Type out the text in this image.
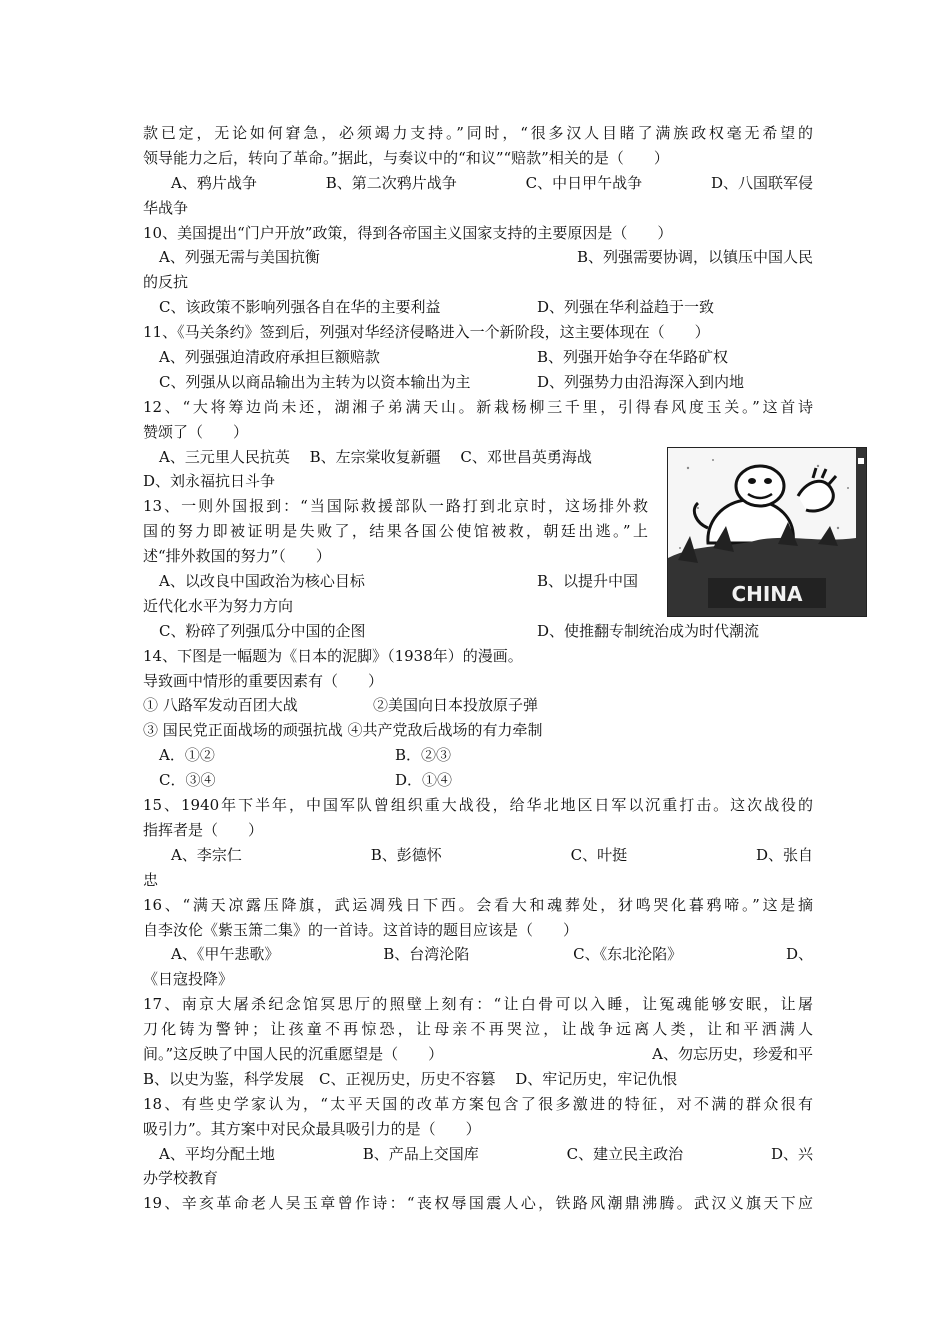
款已定，无论如何窘急，必须竭力支持。”同时，“很多汉人目睹了满族政权毫无希望的
领导能力之后，转向了革命。”据此，与奏议中的“和议”“赔款”相关的是（　　）
A、鸦片战争	B、第二次鸦片战争	C、中日甲午战争	D、八国联军侵
华战争
10、美国提出“门户开放”政策，得到各帝国主义国家支持的主要原因是（　　）
A、列强无需与美国抗衡	B、列强需要协调，以镇压中国人民
的反抗
C、该政策不影响列强各自在华的主要利益	D、列强在华利益趋于一致
11、《马关条约》签到后，列强对华经济侵略进入一个新阶段，这主要体现在（　　）
A、列强强迫清政府承担巨额赔款	B、列强开始争夺在华路矿权
C、列强从以商品输出为主转为以资本输出为主	D、列强势力由沿海深入到内地
12、“大将筹边尚未还，湖湘子弟满天山。新栽杨柳三千里，引得春风度玉关。”这首诗
赞颂了（　　）
A、三元里人民抗英　 B、左宗棠收复新疆　 C、邓世昌英勇海战
D、刘永福抗日斗争
13、一则外国报到：“当国际救援部队一路打到北京时，这场排外救
国的努力即被证明是失败了，结果各国公使馆被救，朝廷出逃。”上
述“排外救国的努力”（　　）
A、以改良中国政治为核心目标	B、以提升中国
近代化水平为努力方向
C、粉碎了列强瓜分中国的企图	D、使推翻专制统治成为时代潮流
14、下图是一幅题为《日本的泥脚》（1938年）的漫画。
导致画中情形的重要因素有（　　）
① 八路军发动百团大战	②美国向日本投放原子弹
③ 国民党正面战场的顽强抗战 ④共产党敌后战场的有力牵制
A．①②	B．②③
C．③④	D．①④
15、1940年下半年，中国军队曾组织重大战役，给华北地区日军以沉重打击。这次战役的
指挥者是（　　）
A、李宗仁	B、彭德怀	C、叶挺	D、张自
忠
16、“满天凉露压降旗，武运凋残日下西。会看大和魂葬处，犲鸣哭化暮鸦啼。”这是摘
自李汝伦《紫玉箫二集》的一首诗。这首诗的题目应该是（　　）
A、《甲午悲歌》	B、台湾沦陷	C、《东北沦陷》	D、
《日寇投降》
17、南京大屠杀纪念馆冥思厅的照壁上刻有：“让白骨可以入睡，让冤魂能够安眠，让屠
刀化铸为警钟；让孩童不再惊恐，让母亲不再哭泣，让战争远离人类，让和平洒满人
间。”这反映了中国人民的沉重愿望是（　　）	A、勿忘历史，珍爱和平
B、以史为鉴，科学发展　C、正视历史，历史不容篡　 D、牢记历史，牢记仇恨
18、有些史学家认为，“太平天国的改革方案包含了很多激进的特征，对不满的群众很有
吸引力”。其方案中对民众最具吸引力的是（　　）
A、平均分配土地	B、产品上交国库	C、建立民主政治	D、兴
办学校教育
19、辛亥革命老人吴玉章曾作诗：“丧权辱国震人心，铁路风潮鼎沸腾。武汉义旗天下应
CHINA
